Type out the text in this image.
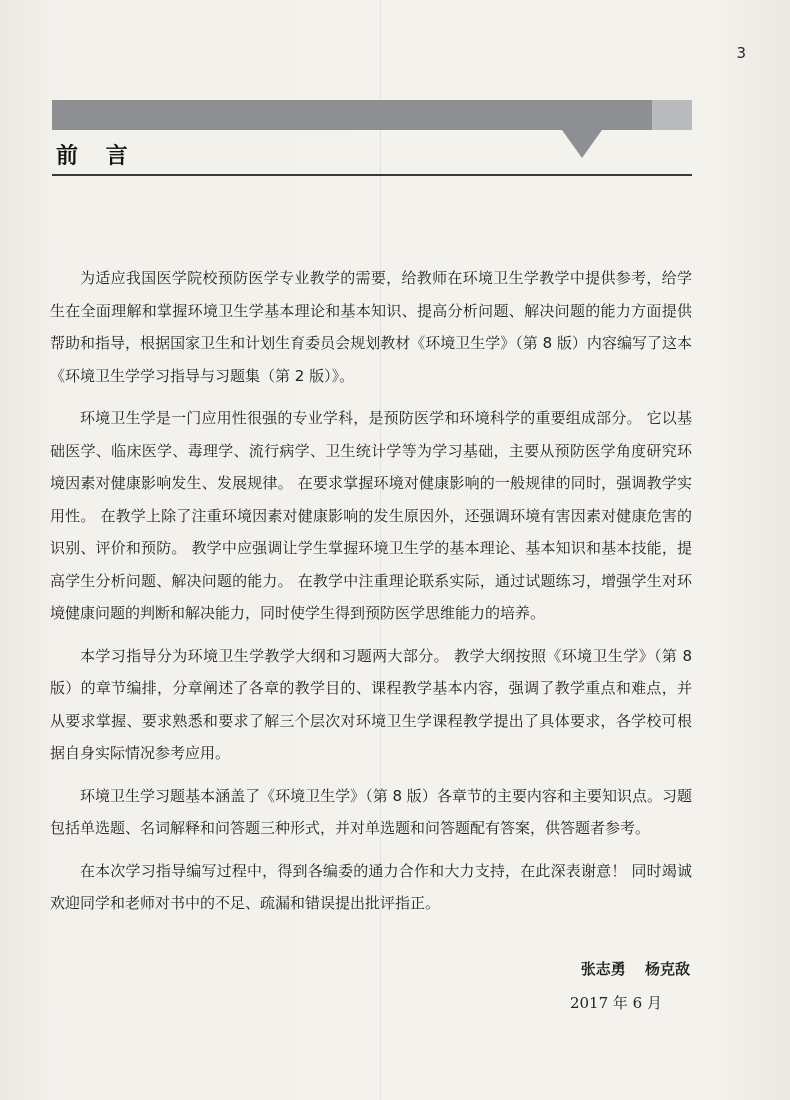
3
前 言

为适应我国医学院校预防医学专业教学的需要，给教师在环境卫生学教学中提供参考，给学生在全面理解和掌握环境卫生学基本理论和基本知识、提高分析问题、解决问题的能力方面提供帮助和指导，根据国家卫生和计划生育委员会规划教材《环境卫生学》（第 8 版）内容编写了这本《环境卫生学学习指导与习题集（第 2 版）》。

环境卫生学是一门应用性很强的专业学科，是预防医学和环境科学的重要组成部分。 它以基础医学、临床医学、毒理学、流行病学、卫生统计学等为学习基础，主要从预防医学角度研究环境因素对健康影响发生、发展规律。 在要求掌握环境对健康影响的一般规律的同时，强调教学实用性。 在教学上除了注重环境因素对健康影响的发生原因外，还强调环境有害因素对健康危害的识别、评价和预防。 教学中应强调让学生掌握环境卫生学的基本理论、基本知识和基本技能，提高学生分析问题、解决问题的能力。 在教学中注重理论联系实际，通过试题练习，增强学生对环境健康问题的判断和解决能力，同时使学生得到预防医学思维能力的培养。

本学习指导分为环境卫生学教学大纲和习题两大部分。 教学大纲按照《环境卫生学》（第 8 版）的章节编排，分章阐述了各章的教学目的、课程教学基本内容，强调了教学重点和难点，并从要求掌握、要求熟悉和要求了解三个层次对环境卫生学课程教学提出了具体要求，各学校可根据自身实际情况参考应用。

环境卫生学习题基本涵盖了《环境卫生学》（第 8 版）各章节的主要内容和主要知识点。习题包括单选题、名词解释和问答题三种形式，并对单选题和问答题配有答案，供答题者参考。

在本次学习指导编写过程中，得到各编委的通力合作和大力支持，在此深表谢意！ 同时竭诚欢迎同学和老师对书中的不足、疏漏和错误提出批评指正。

张志勇 杨克敌
2017 年 6 月
